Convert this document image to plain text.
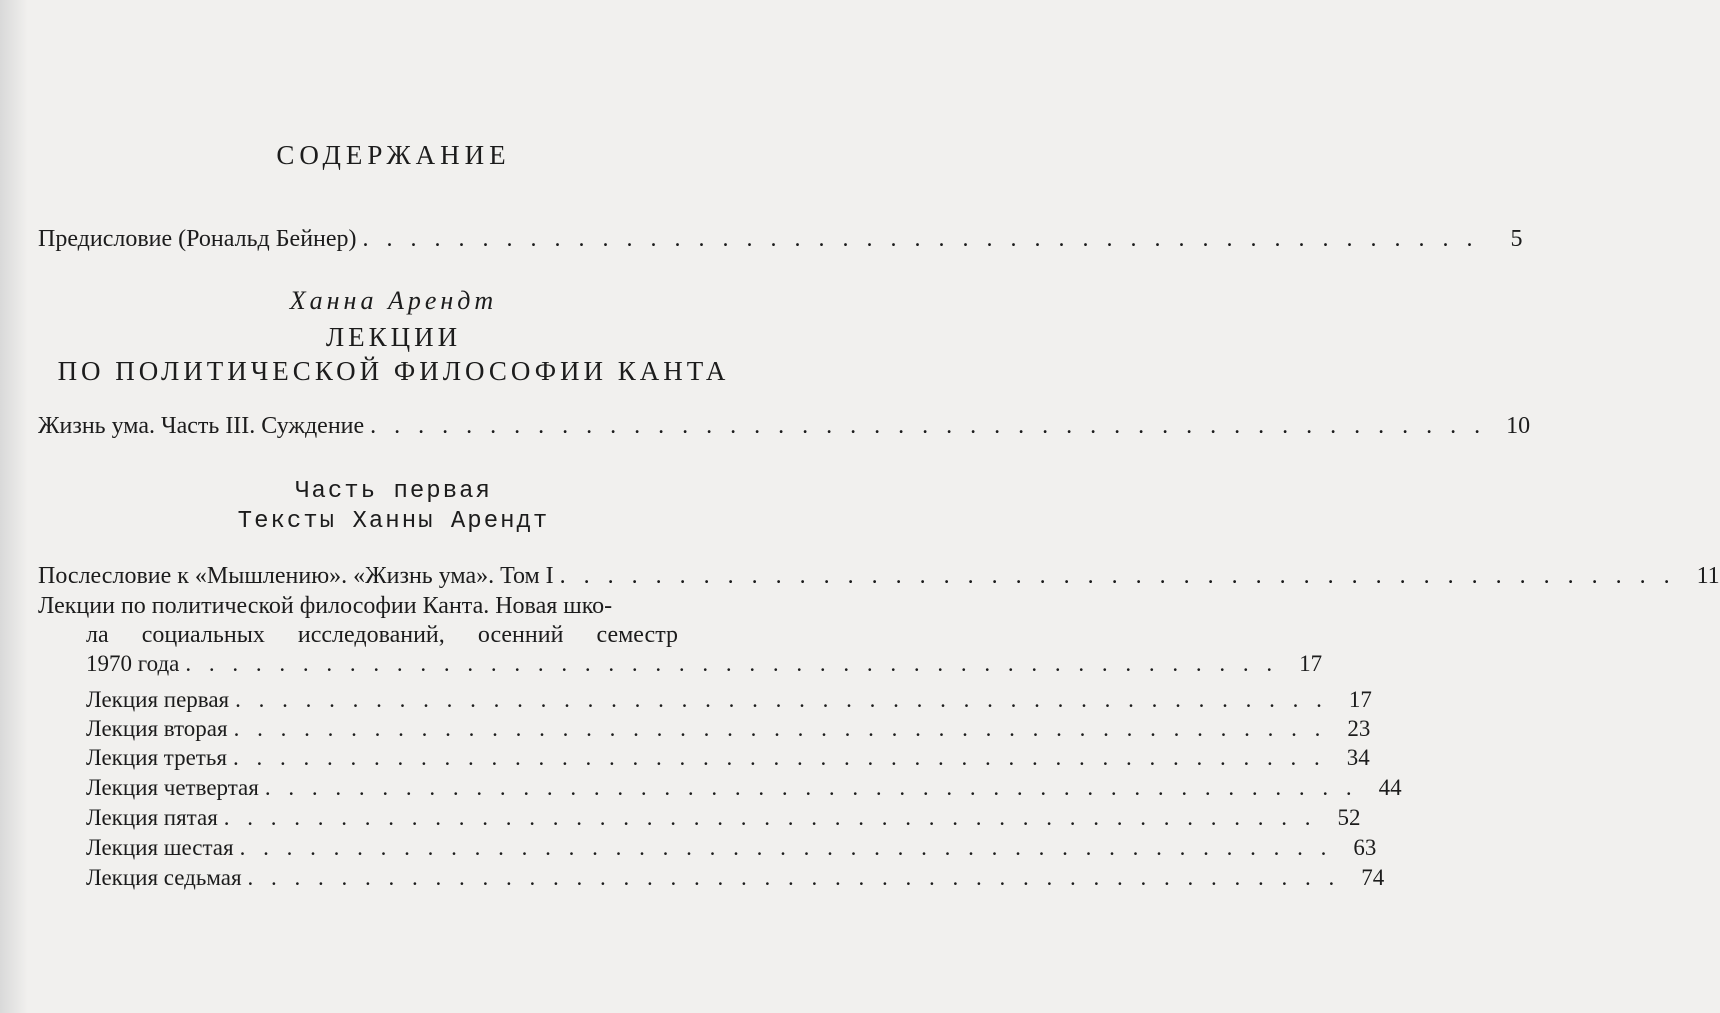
СОДЕРЖАНИЕ
Предисловие (Рональд Бейнер) . . . . . . . . . . . . . . . . . . . . . . . . . . . . . . . . . . . . . . . . . . . . . . .	5
Ханна Арендт
ЛЕКЦИИ
ПО ПОЛИТИЧЕСКОЙ ФИЛОСОФИИ КАНТА
Жизнь ума. Часть III. Суждение . . . . . . . . . . . . . . . . . . . . . . . . . . . . . . . . . . . . . . . . . . . . . . . 10
Часть первая
Тексты Ханны Арендт
Послесловие к «Мышлению». «Жизнь ума». Том I . . . . . . . . . . . . . . . . . . . . . . . . . . . . . . . . . . . . . . . . . . . . . . . 11
Лекции по политической философии Канта. Новая шко-
ла социальных исследований, осенний семестр
1970 года . . . . . . . . . . . . . . . . . . . . . . . . . . . . . . . . . . . . . . . . . . . . . . . 17
Лекция первая . . . . . . . . . . . . . . . . . . . . . . . . . . . . . . . . . . . . . . . . . . . . . . . 17
Лекция вторая . . . . . . . . . . . . . . . . . . . . . . . . . . . . . . . . . . . . . . . . . . . . . . . 23
Лекция третья . . . . . . . . . . . . . . . . . . . . . . . . . . . . . . . . . . . . . . . . . . . . . . . 34
Лекция четвертая . . . . . . . . . . . . . . . . . . . . . . . . . . . . . . . . . . . . . . . . . . . . . . . 44
Лекция пятая . . . . . . . . . . . . . . . . . . . . . . . . . . . . . . . . . . . . . . . . . . . . . . . 52
Лекция шестая . . . . . . . . . . . . . . . . . . . . . . . . . . . . . . . . . . . . . . . . . . . . . . . 63
Лекция седьмая . . . . . . . . . . . . . . . . . . . . . . . . . . . . . . . . . . . . . . . . . . . . . . . 74
